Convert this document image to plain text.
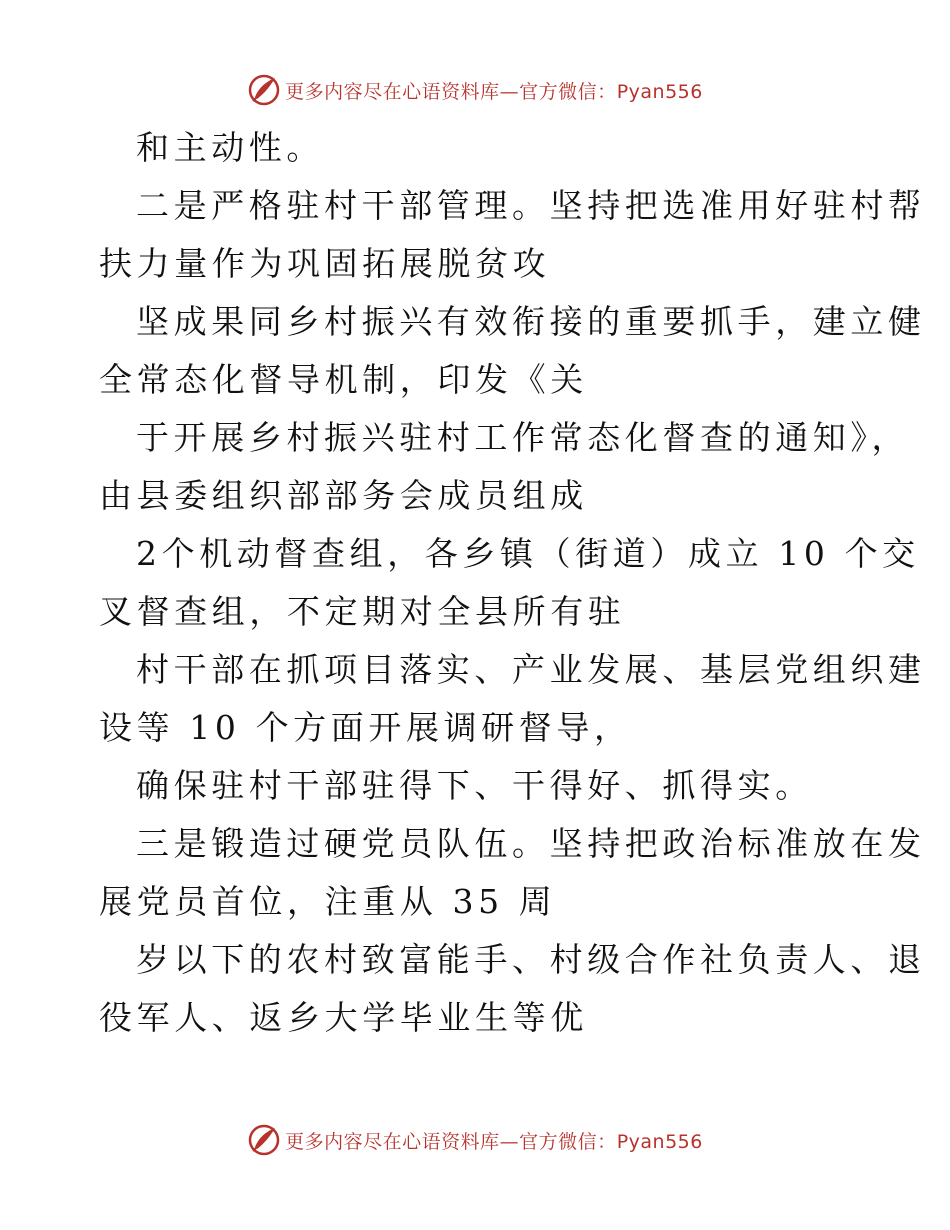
更多内容尽在心语资料库—官方微信：Pyan556
和主动性。
二是严格驻村干部管理。坚持把选准用好驻村帮
扶力量作为巩固拓展脱贫攻
坚成果同乡村振兴有效衔接的重要抓手，建立健
全常态化督导机制，印发《关
于开展乡村振兴驻村工作常态化督查的通知》，
由县委组织部部务会成员组成
2个机动督查组，各乡镇（街道）成立 10 个交
叉督查组，不定期对全县所有驻
村干部在抓项目落实、产业发展、基层党组织建
设等 10 个方面开展调研督导，
确保驻村干部驻得下、干得好、抓得实。
三是锻造过硬党员队伍。坚持把政治标准放在发
展党员首位，注重从 35 周
岁以下的农村致富能手、村级合作社负责人、退
役军人、返乡大学毕业生等优
更多内容尽在心语资料库—官方微信：Pyan556
